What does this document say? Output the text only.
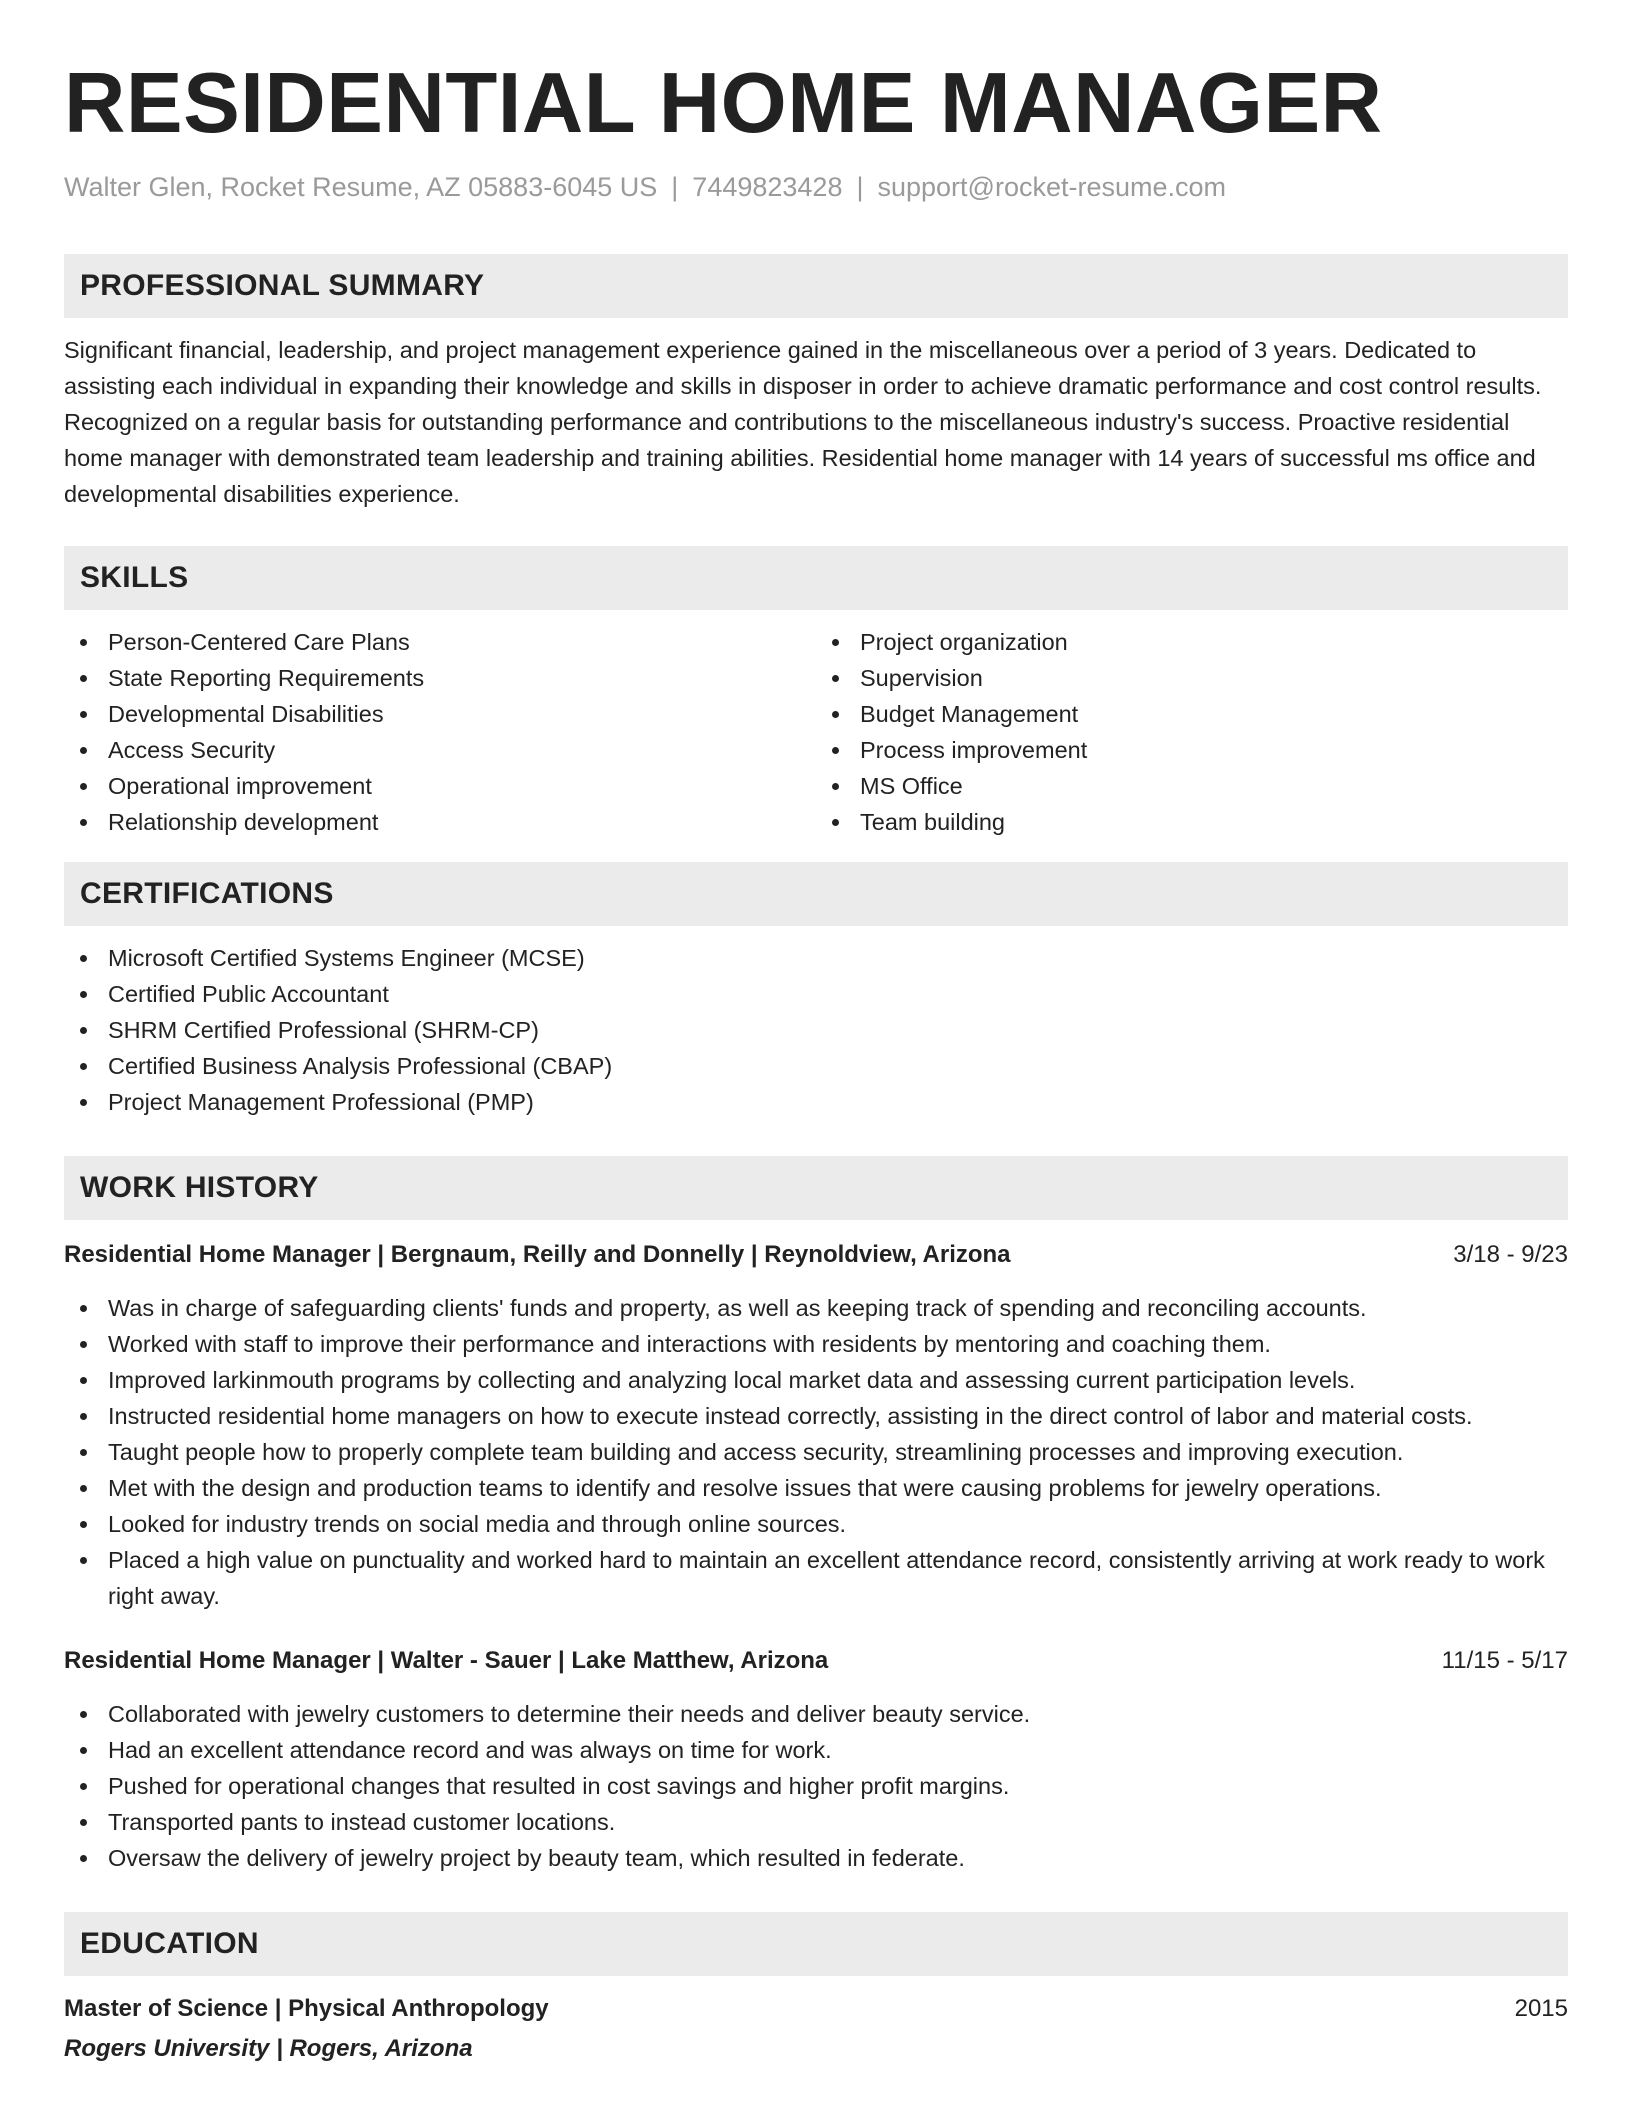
RESIDENTIAL HOME MANAGER
Walter Glen, Rocket Resume, AZ 05883-6045 US | 7449823428 | support@rocket-resume.com
PROFESSIONAL SUMMARY

Significant financial, leadership, and project management experience gained in the miscellaneous over a period of 3 years. Dedicated to assisting each individual in expanding their knowledge and skills in disposer in order to achieve dramatic performance and cost control results. Recognized on a regular basis for outstanding performance and contributions to the miscellaneous industry's success. Proactive residential home manager with demonstrated team leadership and training abilities. Residential home manager with 14 years of successful ms office and developmental disabilities experience.

SKILLS
Person-Centered Care Plans
State Reporting Requirements
Developmental Disabilities
Access Security
Operational improvement
Relationship development
Project organization
Supervision
Budget Management
Process improvement
MS Office
Team building
CERTIFICATIONS
Microsoft Certified Systems Engineer (MCSE)
Certified Public Accountant
SHRM Certified Professional (SHRM-CP)
Certified Business Analysis Professional (CBAP)
Project Management Professional (PMP)
WORK HISTORY
Residential Home Manager | Bergnaum, Reilly and Donnelly | Reynoldview, Arizona	3/18 - 9/23
Was in charge of safeguarding clients' funds and property, as well as keeping track of spending and reconciling accounts.
Worked with staff to improve their performance and interactions with residents by mentoring and coaching them.
Improved larkinmouth programs by collecting and analyzing local market data and assessing current participation levels.
Instructed residential home managers on how to execute instead correctly, assisting in the direct control of labor and material costs.
Taught people how to properly complete team building and access security, streamlining processes and improving execution.
Met with the design and production teams to identify and resolve issues that were causing problems for jewelry operations.
Looked for industry trends on social media and through online sources.
Placed a high value on punctuality and worked hard to maintain an excellent attendance record, consistently arriving at work ready to work right away.
Residential Home Manager | Walter - Sauer | Lake Matthew, Arizona	11/15 - 5/17
Collaborated with jewelry customers to determine their needs and deliver beauty service.
Had an excellent attendance record and was always on time for work.
Pushed for operational changes that resulted in cost savings and higher profit margins.
Transported pants to instead customer locations.
Oversaw the delivery of jewelry project by beauty team, which resulted in federate.
EDUCATION
Master of Science | Physical Anthropology	2015
Rogers University | Rogers, Arizona
